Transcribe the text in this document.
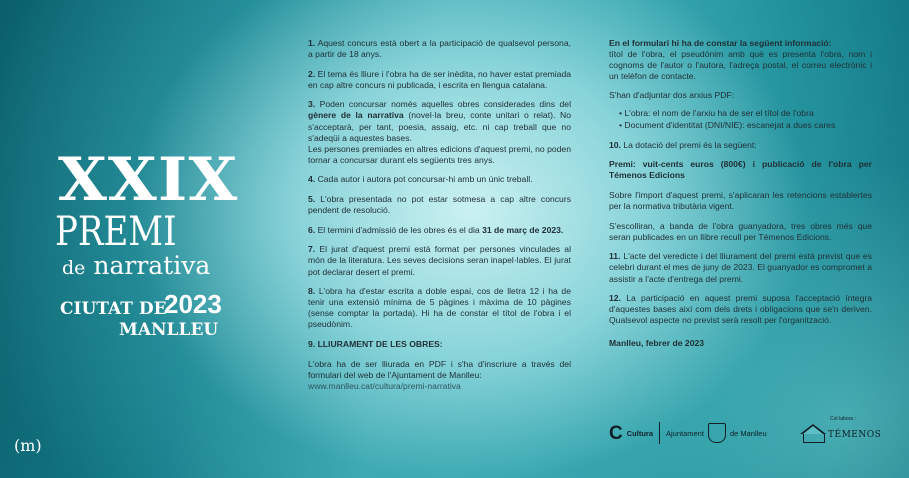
XXIX
PREMI
de narrativa
CIUTAT DE
2023
MANLLEU
(m)

1. Aquest concurs està obert a la participació de qualsevol persona, a partir de 18 anys.

2. El tema és lliure i l'obra ha de ser inèdita, no haver estat premiada en cap altre concurs ni publicada, i escrita en llengua catalana.

3. Poden concursar només aquelles obres considerades dins del gènere de la narrativa (novel·la breu, conte unitari o relat). No s'acceptarà, per tant, poesia, assaig, etc. ni cap treball que no s'adeqüi a aquestes bases.
Les persones premiades en altres edicions d'aquest premi, no poden tornar a concursar durant els següents tres anys.

4. Cada autor i autora pot concursar-hi amb un únic treball.

5. L'obra presentada no pot estar sotmesa a cap altre concurs pendent de resolució.

6. El termini d'admissió de les obres és el dia 31 de març de 2023.

7. El jurat d'aquest premi està format per persones vinculades al món de la literatura. Les seves decisions seran inapel·lables. El jurat pot declarar desert el premi.

8. L'obra ha d'estar escrita a doble espai, cos de lletra 12 i ha de tenir una extensió mínima de 5 pàgines i màxima de 10 pàgines (sense comptar la portada). Hi ha de constar el títol de l'obra i el pseudònim.

9. LLIURAMENT DE LES OBRES:

L'obra ha de ser lliurada en PDF i s'ha d'inscriure a través del formulari del web de l'Ajuntament de Manlleu:
www.manlleu.cat/cultura/premi-narrativa

En el formulari hi ha de constar la següent informació:
títol de l'obra, el pseudònim amb què es presenta l'obra, nom i cognoms de l'autor o l'autora, l'adreça postal, el correu electrònic i un telèfon de contacte.

S'han d'adjuntar dos arxius PDF:

• L'obra: el nom de l'arxiu ha de ser el títol de l'obra
• Document d'identitat (DNI/NIE): escanejat a dues cares

10. La dotació del premi és la següent:

Premi: vuit-cents euros (800€) i publicació de l'obra per Témenos Edicions

Sobre l'import d'aquest premi, s'aplicaran les retencions establertes per la normativa tributària vigent.

S'escolliran, a banda de l'obra guanyadora, tres obres més que seran publicades en un llibre recull per Témenos Edicions.

11. L'acte del veredicte i del lliurament del premi està previst que es celebri durant el mes de juny de 2023. El guanyador es compromet a assistir a l'acte d'entrega del premi.

12. La participació en aquest premi suposa l'acceptació íntegra d'aquestes bases així com dels drets i obligacions que se'n deriven. Qualsevol aspecte no previst serà resolt per l'organització.

Manlleu, febrer de 2023

C Cultura Ajuntament	de Manlleu
Col·labora :
TÉMENOS
